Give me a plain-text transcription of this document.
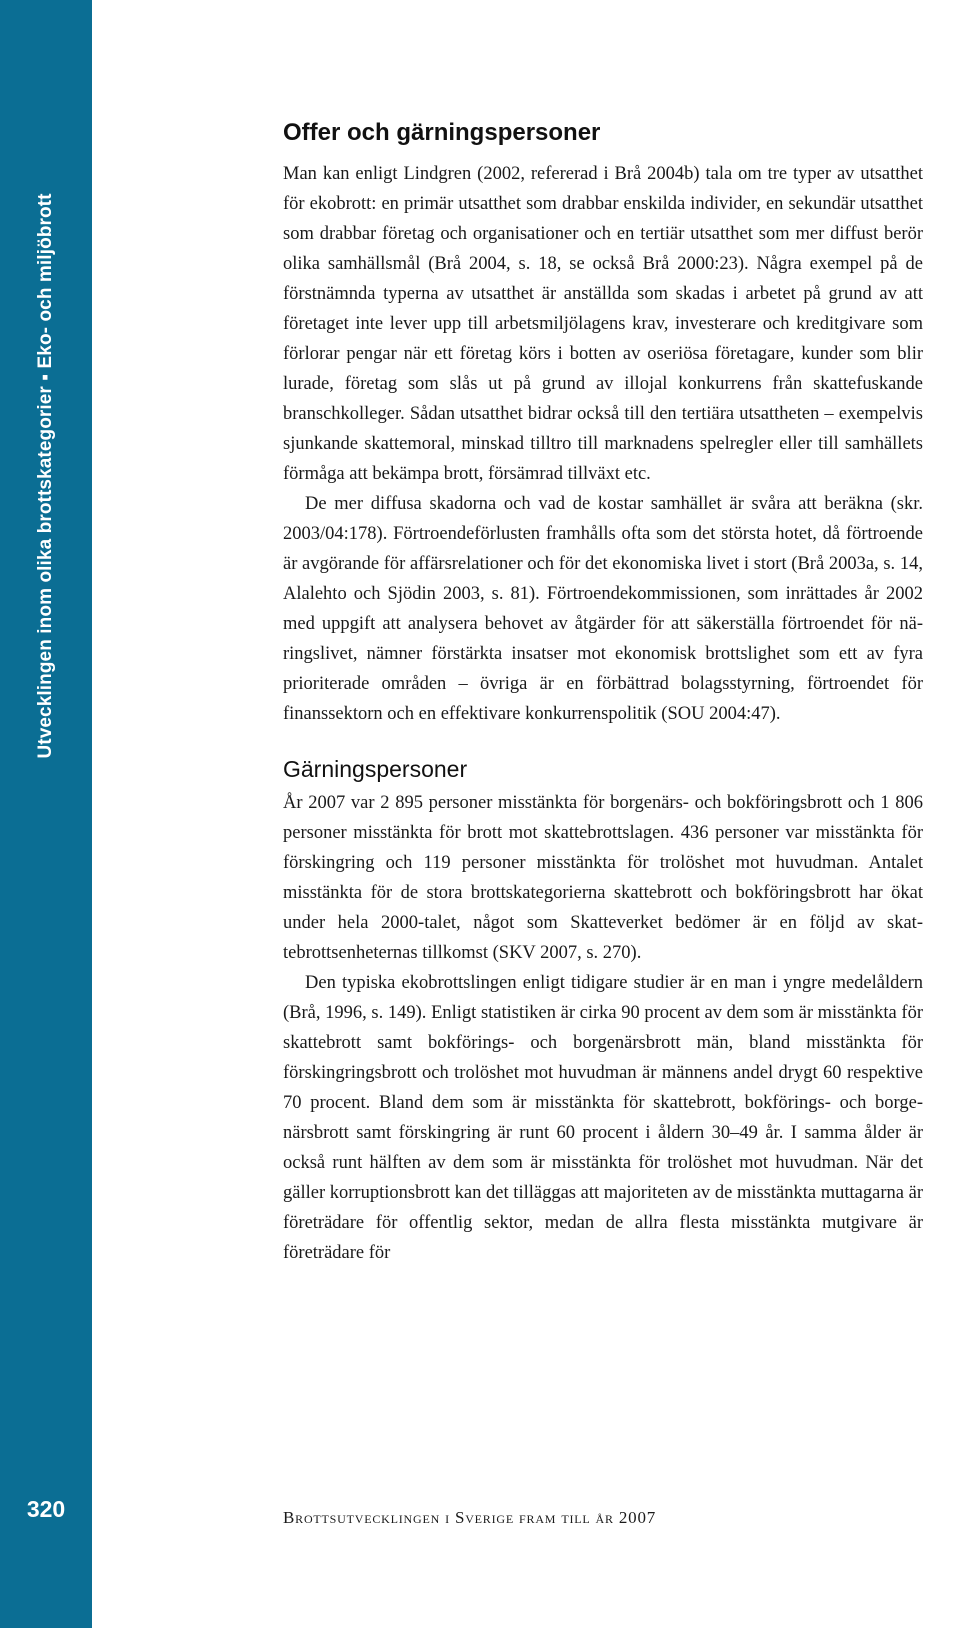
Utvecklingen inom olika brottskategorier ▪ Eko- och miljöbrott
320
Offer och gärningspersoner

Man kan enligt Lindgren (2002, refererad i Brå 2004b) tala om tre typer av utsatthet för ekobrott: en primär utsatthet som drabbar enskilda individer, en sekundär utsatthet som drabbar företag och organisationer och en tertiär utsatthet som mer diffust berör olika samhällsmål (Brå 2004, s. 18, se också Brå 2000:23). Några exempel på de förstnämnda typerna av utsatthet är anställda som skadas i arbetet på grund av att företaget inte lever upp till arbetsmiljölagens krav, investerare och kreditgivare som förlorar pengar när ett företag körs i botten av oseriösa företagare, kunder som blir lurade, företag som slås ut på grund av illojal konkurrens från skattefuskande branschkolleger. Sådan utsatthet bidrar också till den tertiära utsattheten – exempelvis sjunkande skattemoral, minskad tilltro till marknadens spelregler eller till samhällets förmåga att bekämpa brott, försämrad tillväxt etc.

De mer diffusa skadorna och vad de kostar samhället är svåra att beräkna (skr. 2003/04:178). Förtroendeförlusten framhålls ofta som det största hotet, då förtroende är avgörande för affärsrelationer och för det ekonomiska livet i stort (Brå 2003a, s. 14, Alalehto och Sjödin 2003, s. 81). Förtroendekommissionen, som inrättades år 2002 med uppgift att analysera behovet av åtgärder för att säkerställa förtroendet för näringslivet, nämner förstärkta insatser mot ekonomisk brottslighet som ett av fyra prioriterade områden – övriga är en förbättrad bolagsstyrning, förtroendet för finanssektorn och en effektivare konkurrenspolitik (SOU 2004:47).

Gärningspersoner

År 2007 var 2 895 personer misstänkta för borgenärs- och bokföringsbrott och 1 806 personer misstänkta för brott mot skattebrottslagen. 436 personer var misstänkta för förskingring och 119 personer misstänkta för trolöshet mot huvudman. Antalet misstänkta för de stora brottskategorierna skattebrott och bokföringsbrott har ökat under hela 2000-talet, något som Skatteverket bedömer är en följd av skattebrottsenheternas tillkomst (SKV 2007, s. 270).

Den typiska ekobrottslingen enligt tidigare studier är en man i yngre medelåldern (Brå, 1996, s. 149). Enligt statistiken är cirka 90 procent av dem som är misstänkta för skattebrott samt bokförings- och borgenärsbrott män, bland misstänkta för förskingringsbrott och trolöshet mot huvudman är männens andel drygt 60 respektive 70 procent. Bland dem som är misstänkta för skattebrott, bokförings- och borgenärsbrott samt förskingring är runt 60 procent i åldern 30–49 år. I samma ålder är också runt hälften av dem som är misstänkta för trolöshet mot huvudman. När det gäller korruptionsbrott kan det tilläggas att majoriteten av de misstänkta muttagarna är företrädare för offentlig sektor, medan de allra flesta misstänkta mutgivare är företrädare för

Brottsutvecklingen i Sverige fram till år 2007
